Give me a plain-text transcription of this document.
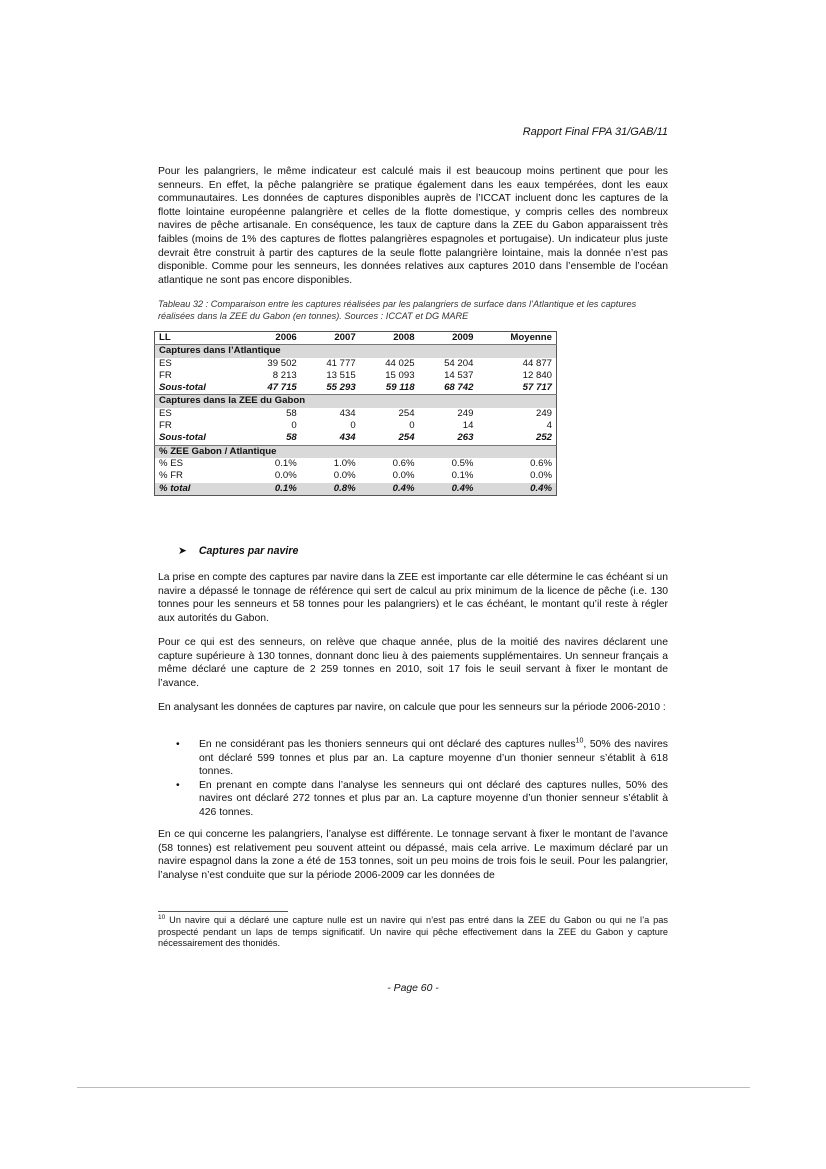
Rapport Final FPA 31/GAB/11

Pour les palangriers, le même indicateur est calculé mais il est beaucoup moins pertinent que pour les senneurs. En effet, la pêche palangrière se pratique également dans les eaux tempérées, dont les eaux communautaires. Les données de captures disponibles auprès de l’ICCAT incluent donc les captures de la flotte lointaine européenne palangrière et celles de la flotte domestique, y compris celles des nombreux navires de pêche artisanale. En conséquence, les taux de capture dans la ZEE du Gabon apparaissent très faibles (moins de 1% des captures de flottes palangrières espagnoles et portugaise). Un indicateur plus juste devrait être construit à partir des captures de la seule flotte palangrière lointaine, mais la donnée n’est pas disponible. Comme pour les senneurs, les données relatives aux captures 2010 dans l’ensemble de l’océan atlantique ne sont pas encore disponibles.

Tableau 32 : Comparaison entre les captures réalisées par les palangriers de surface dans l’Atlantique et les captures réalisées dans la ZEE du Gabon (en tonnes). Sources : ICCAT et DG MARE
LL	2006	2007	2008	2009	Moyenne
Captures dans l’Atlantique					
ES	39 502	41 777	44 025	54 204	44 877
FR	8 213	13 515	15 093	14 537	12 840
Sous-total	47 715	55 293	59 118	68 742	57 717
Captures dans la ZEE du Gabon					
ES	58	434	254	249	249
FR	0	0	0	14	4
Sous-total	58	434	254	263	252
% ZEE Gabon / Atlantique					
% ES	0.1%	1.0%	0.6%	0.5%	0.6%
% FR	0.0%	0.0%	0.0%	0.1%	0.0%
% total	0.1%	0.8%	0.4%	0.4%	0.4%
➤ Captures par navire

La prise en compte des captures par navire dans la ZEE est importante car elle détermine le cas échéant si un navire a dépassé le tonnage de référence qui sert de calcul au prix minimum de la licence de pêche (i.e. 130 tonnes pour les senneurs et 58 tonnes pour les palangriers) et le cas échéant, le montant qu’il reste à régler aux autorités du Gabon.

Pour ce qui est des senneurs, on relève que chaque année, plus de la moitié des navires déclarent une capture supérieure à 130 tonnes, donnant donc lieu à des paiements supplémentaires. Un senneur français a même déclaré une capture de 2 259 tonnes en 2010, soit 17 fois le seuil servant à fixer le montant de l’avance.

En analysant les données de captures par navire, on calcule que pour les senneurs sur la période 2006-2010 :

• En ne considérant pas les thoniers senneurs qui ont déclaré des captures nulles$^{10}$, 50% des navires ont déclaré 599 tonnes et plus par an. La capture moyenne d’un thonier senneur s’établit à 618 tonnes.
• En prenant en compte dans l’analyse les senneurs qui ont déclaré des captures nulles, 50% des navires ont déclaré 272 tonnes et plus par an. La capture moyenne d’un thonier senneur s’établit à 426 tonnes.

En ce qui concerne les palangriers, l’analyse est différente. Le tonnage servant à fixer le montant de l’avance (58 tonnes) est relativement peu souvent atteint ou dépassé, mais cela arrive. Le maximum déclaré par un navire espagnol dans la zone a été de 153 tonnes, soit un peu moins de trois fois le seuil. Pour les palangrier, l’analyse n’est conduite que sur la période 2006-2009 car les données de

$^{10}$ Un navire qui a déclaré une capture nulle est un navire qui n’est pas entré dans la ZEE du Gabon ou qui ne l’a pas prospecté pendant un laps de temps significatif. Un navire qui pêche effectivement dans la ZEE du Gabon y capture nécessairement des thonidés.
- Page 60 -
